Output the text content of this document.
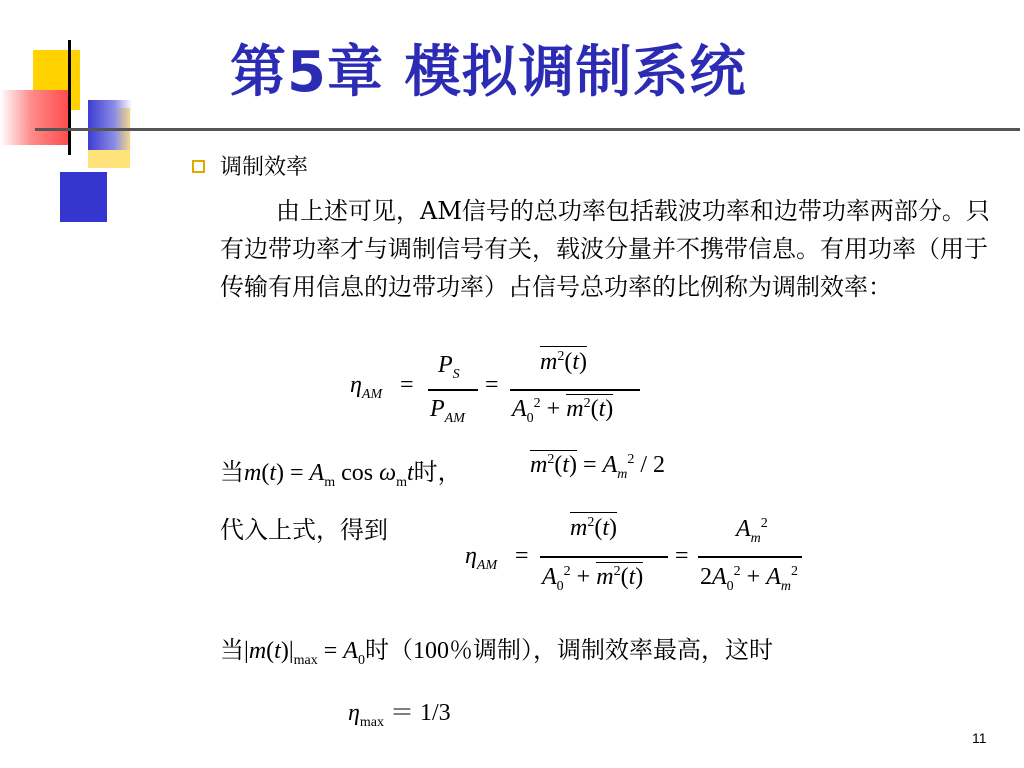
第5章 模拟调制系统
调制效率
由上述可见，AM信号的总功率包括载波功率和边带功率两部分。只有边带功率才与调制信号有关，载波分量并不携带信息。有用功率（用于传输有用信息的边带功率）占信号总功率的比例称为调制效率：
$\eta_{AM}$ =
$P_S$
$P_{AM}$
=
$m^2(t)$
$A_0^2 + m^2(t)$
当$m(t) = A_m$ $\cos \omega_mt$时，	$m^2(t) = A_m^2 / 2$
代入上式，得到
$\eta_{AM}$ =
$m^2(t)$
$A_0^2 + m^2(t)$
=
$A_m^2$
$2A_0^2 + A_m^2$
当$|m(t)|_{max} = A_0$时（100％调制），调制效率最高，这时
$\eta_{max} = 1/3$
11
